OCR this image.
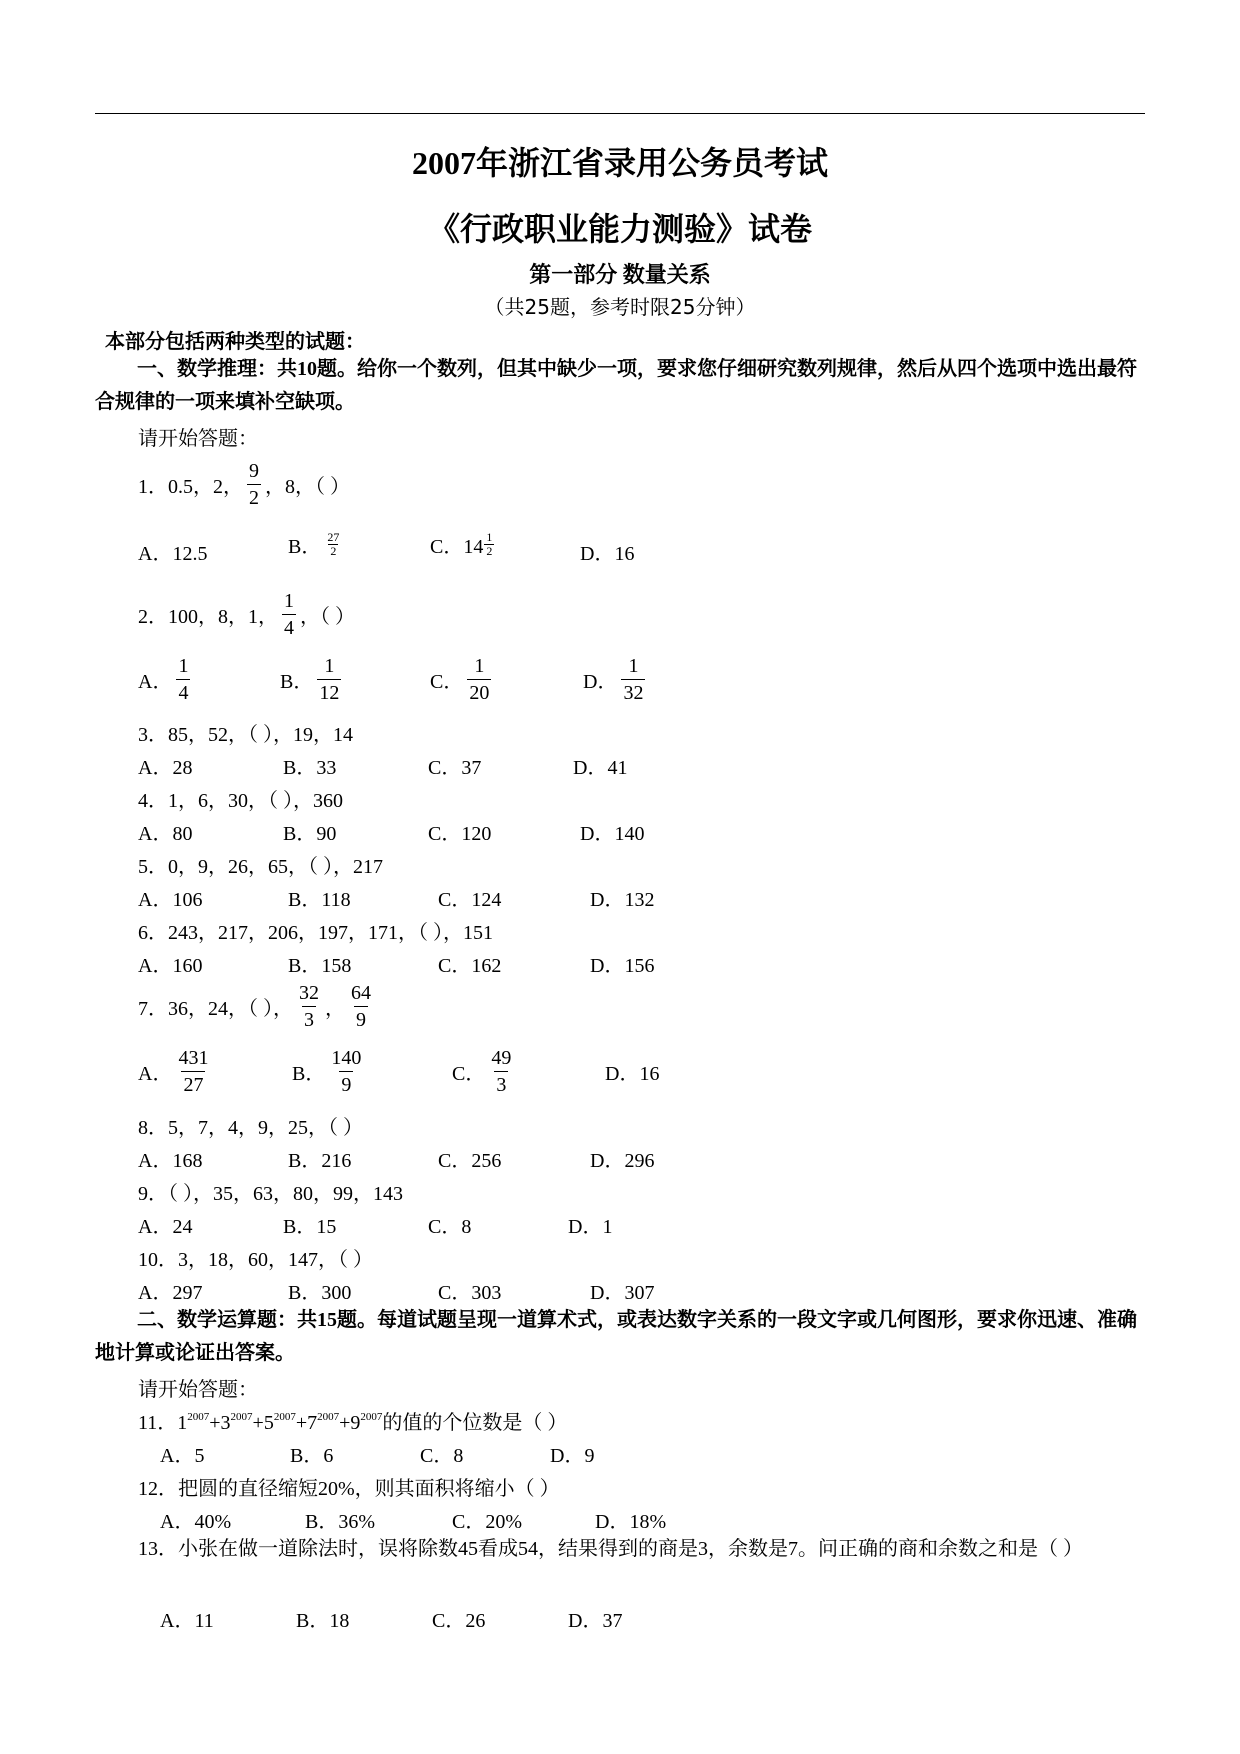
2007年浙江省录用公务员考试
《行政职业能力测验》试卷
第一部分 数量关系
（共25题，参考时限25分钟）
本部分包括两种类型的试题：
一、数学推理：共10题。给你一个数列，但其中缺少一项，要求您仔细研究数列规律，然后从四个选项中选出最符合规律的一项来填补空缺项。
请开始答题：
1．0.5，2， $\frac{9}{2}$ ，8，（ ）
A．12.5	B． $\frac{27}{2}$	C．$14 \frac{1}{2}$	D．16
2．100，8，1， $\frac{1}{4}$ ，（ ）
A． $\frac{1}{4}$	B． $\frac{1}{12}$	C． $\frac{1}{20}$	D． $\frac{1}{32}$
3．85，52，（ ），19，14
A．28	B．33	C．37	D．41
4．1，6，30，（ ），360
A．80	B．90	C．120	D．140
5．0，9，26，65，（ ），217
A．106	B．118	C．124	D．132
6．243，217，206，197，171，（ ），151
A．160	B．158	C．162	D．156
7．36，24，（ ）， $\frac{32}{3}$ ， $\frac{64}{9}$
A． $\frac{431}{27}$	B． $\frac{140}{9}$	C． $\frac{49}{3}$	D．16
8．5，7，4，9，25，（ ）
A．168	B．216	C．256	D．296
9．（ ），35，63，80，99，143
A．24	B．15	C．8	D．1
10．3，18，60，147，（ ）
A．297	B．300	C．303	D．307
二、数学运算题：共15题。每道试题呈现一道算术式，或表达数字关系的一段文字或几何图形，要求你迅速、准确地计算或论证出答案。
请开始答题：
11．$1^{2007}+3^{2007}+5^{2007}+7^{2007}+9^{2007}$的值的个位数是（ ）
A．5	B．6	C．8	D．9
12．把圆的直径缩短20%，则其面积将缩小（ ）
A．40%	B．36%	C．20%	D．18%
13．小张在做一道除法时，误将除数45看成54，结果得到的商是3，余数是7。问正确的商和余数之和是（ ）
A．11	B．18	C．26	D．37
